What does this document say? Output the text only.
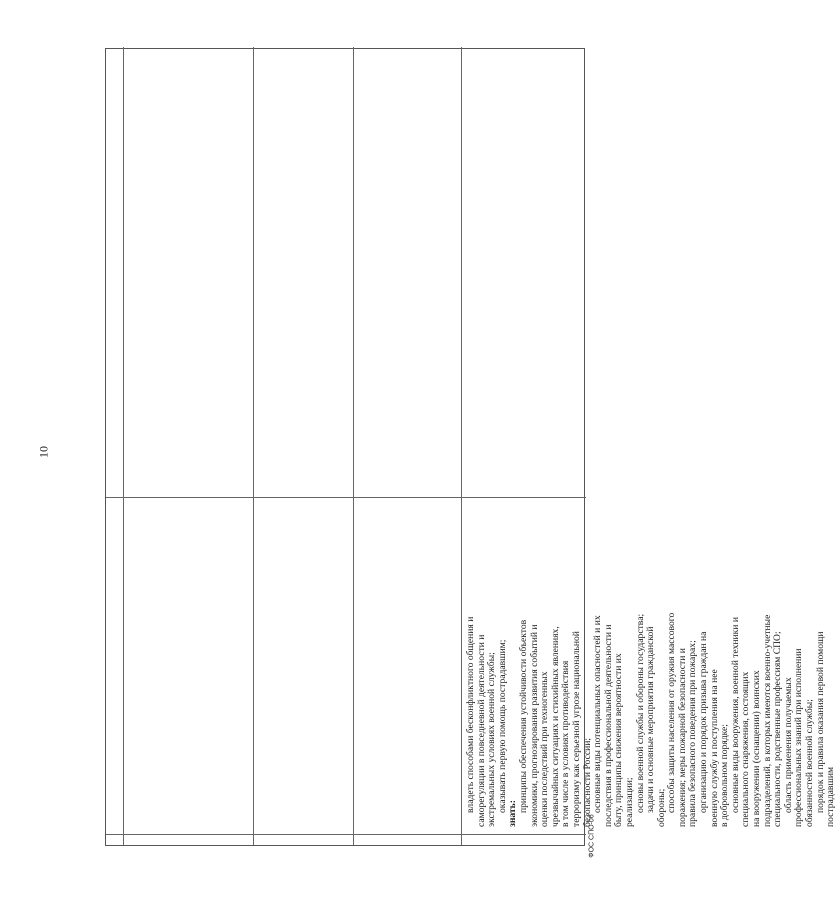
10
ФОС СПО-06
владеть способами бесконфликтного общения и саморегуляции в повседневной деятельности и экстремальных условиях военной службы; оказывать первую помощь пострадавшим;
знать:
принципы обеспечения устойчивости объектов экономики, прогнозирования развития событий и оценки последствий при техногенных чрезвычайных ситуациях и стихийных явлениях, в том числе в условиях противодействия терроризму как серьезной угрозе национальной безопасности России; основные виды потенциальных опасностей и их последствия в профессиональной деятельности и быту, принципы снижения вероятности их реализации; основы военной службы и обороны государства; задачи и основные мероприятия гражданской обороны; способы защиты населения от оружия массового поражения; меры пожарной безопасности и правила безопасного поведения при пожарах; организацию и порядок призыва граждан на военную службу и поступления на нее в добровольном порядке; основные виды вооружения, военной техники и специального снаряжения, состоящих на вооружении (оснащении) воинских подразделений, в которых имеются военно-учетные специальности, родственные профессиям СПО; область применения получаемых профессиональных знаний при исполнении обязанностей военной службы; порядок и правила оказания первой помощи пострадавшим
